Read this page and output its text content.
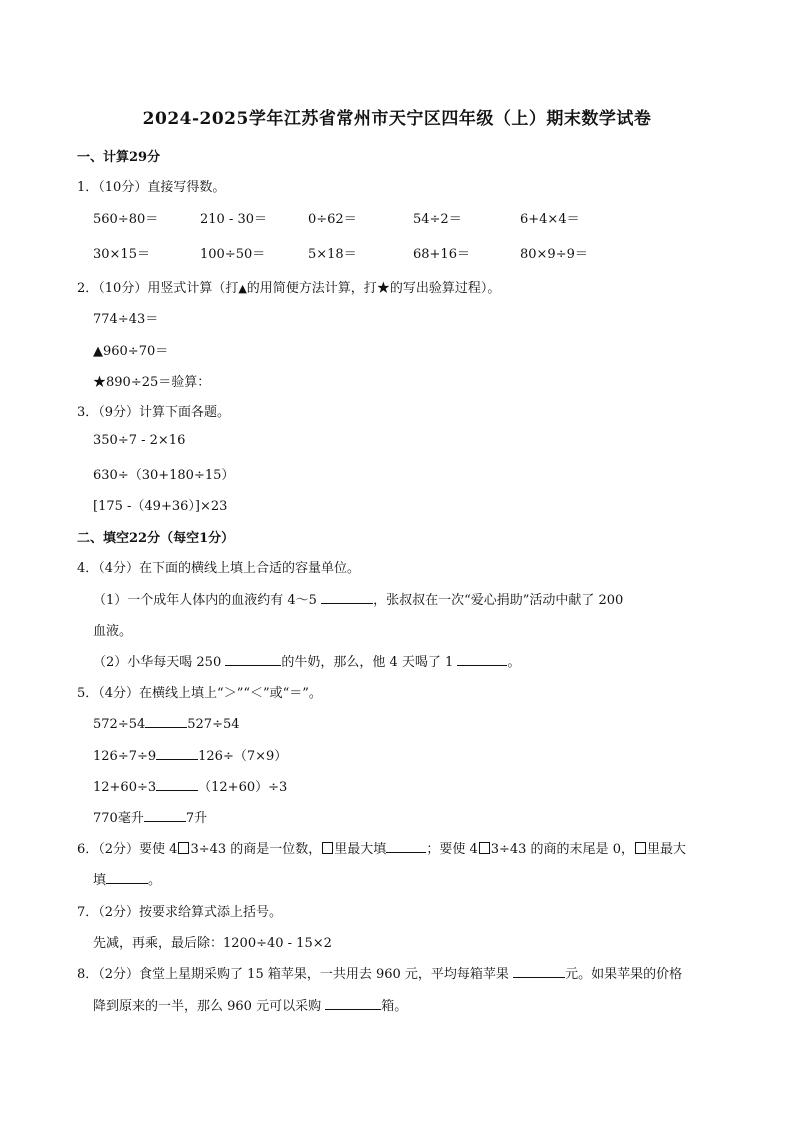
2024-2025学年江苏省常州市天宁区四年级（上）期末数学试卷
一、计算29分
1．（10分）直接写得数。
560÷80＝	210 - 30＝	0÷62＝	54÷2＝	6+4×4＝
30×15＝	100÷50＝	5×18＝	68+16＝	80×9÷9＝
2．（10分）用竖式计算（打▲的用简便方法计算，打★的写出验算过程）。
774÷43＝
▲960÷70＝
★890÷25＝验算：
3．（9分）计算下面各题。
350÷7 - 2×16
630÷（30+180÷15）
[175 -（49+36）]×23
二、填空22分（每空1分）
4．（4分）在下面的横线上填上合适的容量单位。
（1）一个成年人体内的血液约有 4～5	，张叔叔在一次“爱心捐助”活动中献了 200
血液。
（2）小华每天喝 250	的牛奶，那么，他 4 天喝了 1	。
5．（4分）在横线上填上“＞”“＜”或“＝”。
572÷54	527÷54
126÷7÷9	126÷（7×9）
12+60÷3	（12+60）÷3
770毫升	7升
6．（2分）要使 4 3÷43 的商是一位数， 里最大填	；要使 4 3÷43 的商的末尾是 0， 里最大
填	。
7．（2分）按要求给算式添上括号。
先减，再乘，最后除：1200÷40 - 15×2
8．（2分）食堂上星期采购了 15 箱苹果，一共用去 960 元，平均每箱苹果	元。如果苹果的价格
降到原来的一半，那么 960 元可以采购	箱。
